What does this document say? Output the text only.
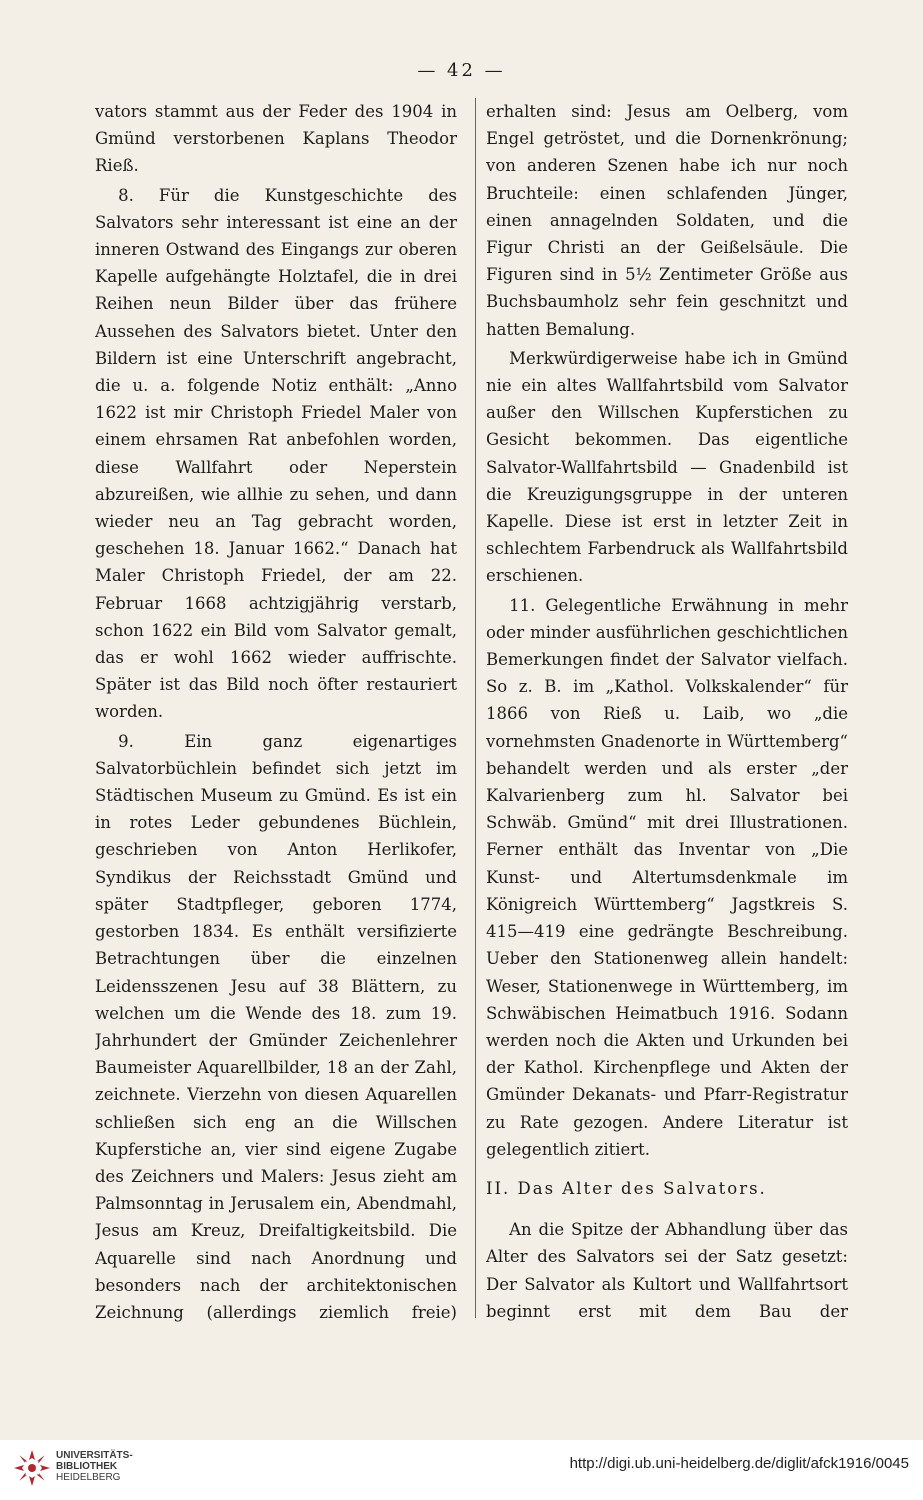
— 42 —

vators stammt aus der Feder des 1904 in Gmünd verstorbenen Kaplans Theodor Rieß.

8. Für die Kunstgeschichte des Salvators sehr interessant ist eine an der inneren Ostwand des Eingangs zur oberen Kapelle aufgehängte Holztafel, die in drei Reihen neun Bilder über das frühere Aussehen des Salvators bietet. Unter den Bildern ist eine Unterschrift angebracht, die u. a. folgende Notiz enthält: „Anno 1622 ist mir Christoph Friedel Maler von einem ehrsamen Rat anbefohlen worden, diese Wallfahrt oder Neperstein abzureißen, wie allhie zu sehen, und dann wieder neu an Tag gebracht worden, geschehen 18. Januar 1662.“ Danach hat Maler Christoph Friedel, der am 22. Februar 1668 achtzigjährig verstarb, schon 1622 ein Bild vom Salvator gemalt, das er wohl 1662 wieder auffrischte. Später ist das Bild noch öfter restauriert worden.

9. Ein ganz eigenartiges Salvatorbüchlein befindet sich jetzt im Städtischen Museum zu Gmünd. Es ist ein in rotes Leder gebundenes Büchlein, geschrieben von Anton Herlikofer, Syndikus der Reichsstadt Gmünd und später Stadtpfleger, geboren 1774, gestorben 1834. Es enthält versifizierte Betrachtungen über die einzelnen Leidensszenen Jesu auf 38 Blättern, zu welchen um die Wende des 18. zum 19. Jahrhundert der Gmünder Zeichenlehrer Baumeister Aquarellbilder, 18 an der Zahl, zeichnete. Vierzehn von diesen Aquarellen schließen sich eng an die Willschen Kupferstiche an, vier sind eigene Zugabe des Zeichners und Malers: Jesus zieht am Palmsonntag in Jerusalem ein, Abendmahl, Jesus am Kreuz, Dreifaltigkeitsbild. Die Aquarelle sind nach Anordnung und besonders nach der architektonischen Zeichnung (allerdings ziemlich freie)

erhalten sind: Jesus am Oelberg, vom Engel getröstet, und die Dornenkrönung; von anderen Szenen habe ich nur noch Bruchteile: einen schlafenden Jünger, einen annagelnden Soldaten, und die Figur Christi an der Geißelsäule. Die Figuren sind in 5½ Zentimeter Größe aus Buchsbaumholz sehr fein geschnitzt und hatten Bemalung.

Merkwürdigerweise habe ich in Gmünd nie ein altes Wallfahrtsbild vom Salvator außer den Willschen Kupferstichen zu Gesicht bekommen. Das eigentliche Salvator-Wallfahrtsbild — Gnadenbild ist die Kreuzigungsgruppe in der unteren Kapelle. Diese ist erst in letzter Zeit in schlechtem Farbendruck als Wallfahrtsbild erschienen.

11. Gelegentliche Erwähnung in mehr oder minder ausführlichen geschichtlichen Bemerkungen findet der Salvator vielfach. So z. B. im „Kathol. Volkskalender“ für 1866 von Rieß u. Laib, wo „die vornehmsten Gnadenorte in Württemberg“ behandelt werden und als erster „der Kalvarienberg zum hl. Salvator bei Schwäb. Gmünd“ mit drei Illustrationen. Ferner enthält das Inventar von „Die Kunst- und Altertumsdenkmale im Königreich Württemberg“ Jagstkreis S. 415—419 eine gedrängte Beschreibung. Ueber den Stationenweg allein handelt: Weser, Stationenwege in Württemberg, im Schwäbischen Heimatbuch 1916. Sodann werden noch die Akten und Urkunden bei der Kathol. Kirchenpflege und Akten der Gmünder Dekanats- und Pfarr-Registratur zu Rate gezogen. Andere Literatur ist gelegentlich zitiert.

II. Das Alter des Salvators.

An die Spitze der Abhandlung über das Alter des Salvators sei der Satz gesetzt: Der Salvator als Kultort und Wallfahrtsort beginnt erst mit dem Bau der

UNIVERSITÄTS-
BIBLIOTHEK
HEIDELBERG
http://digi.ub.uni-heidelberg.de/diglit/afck1916/0045
